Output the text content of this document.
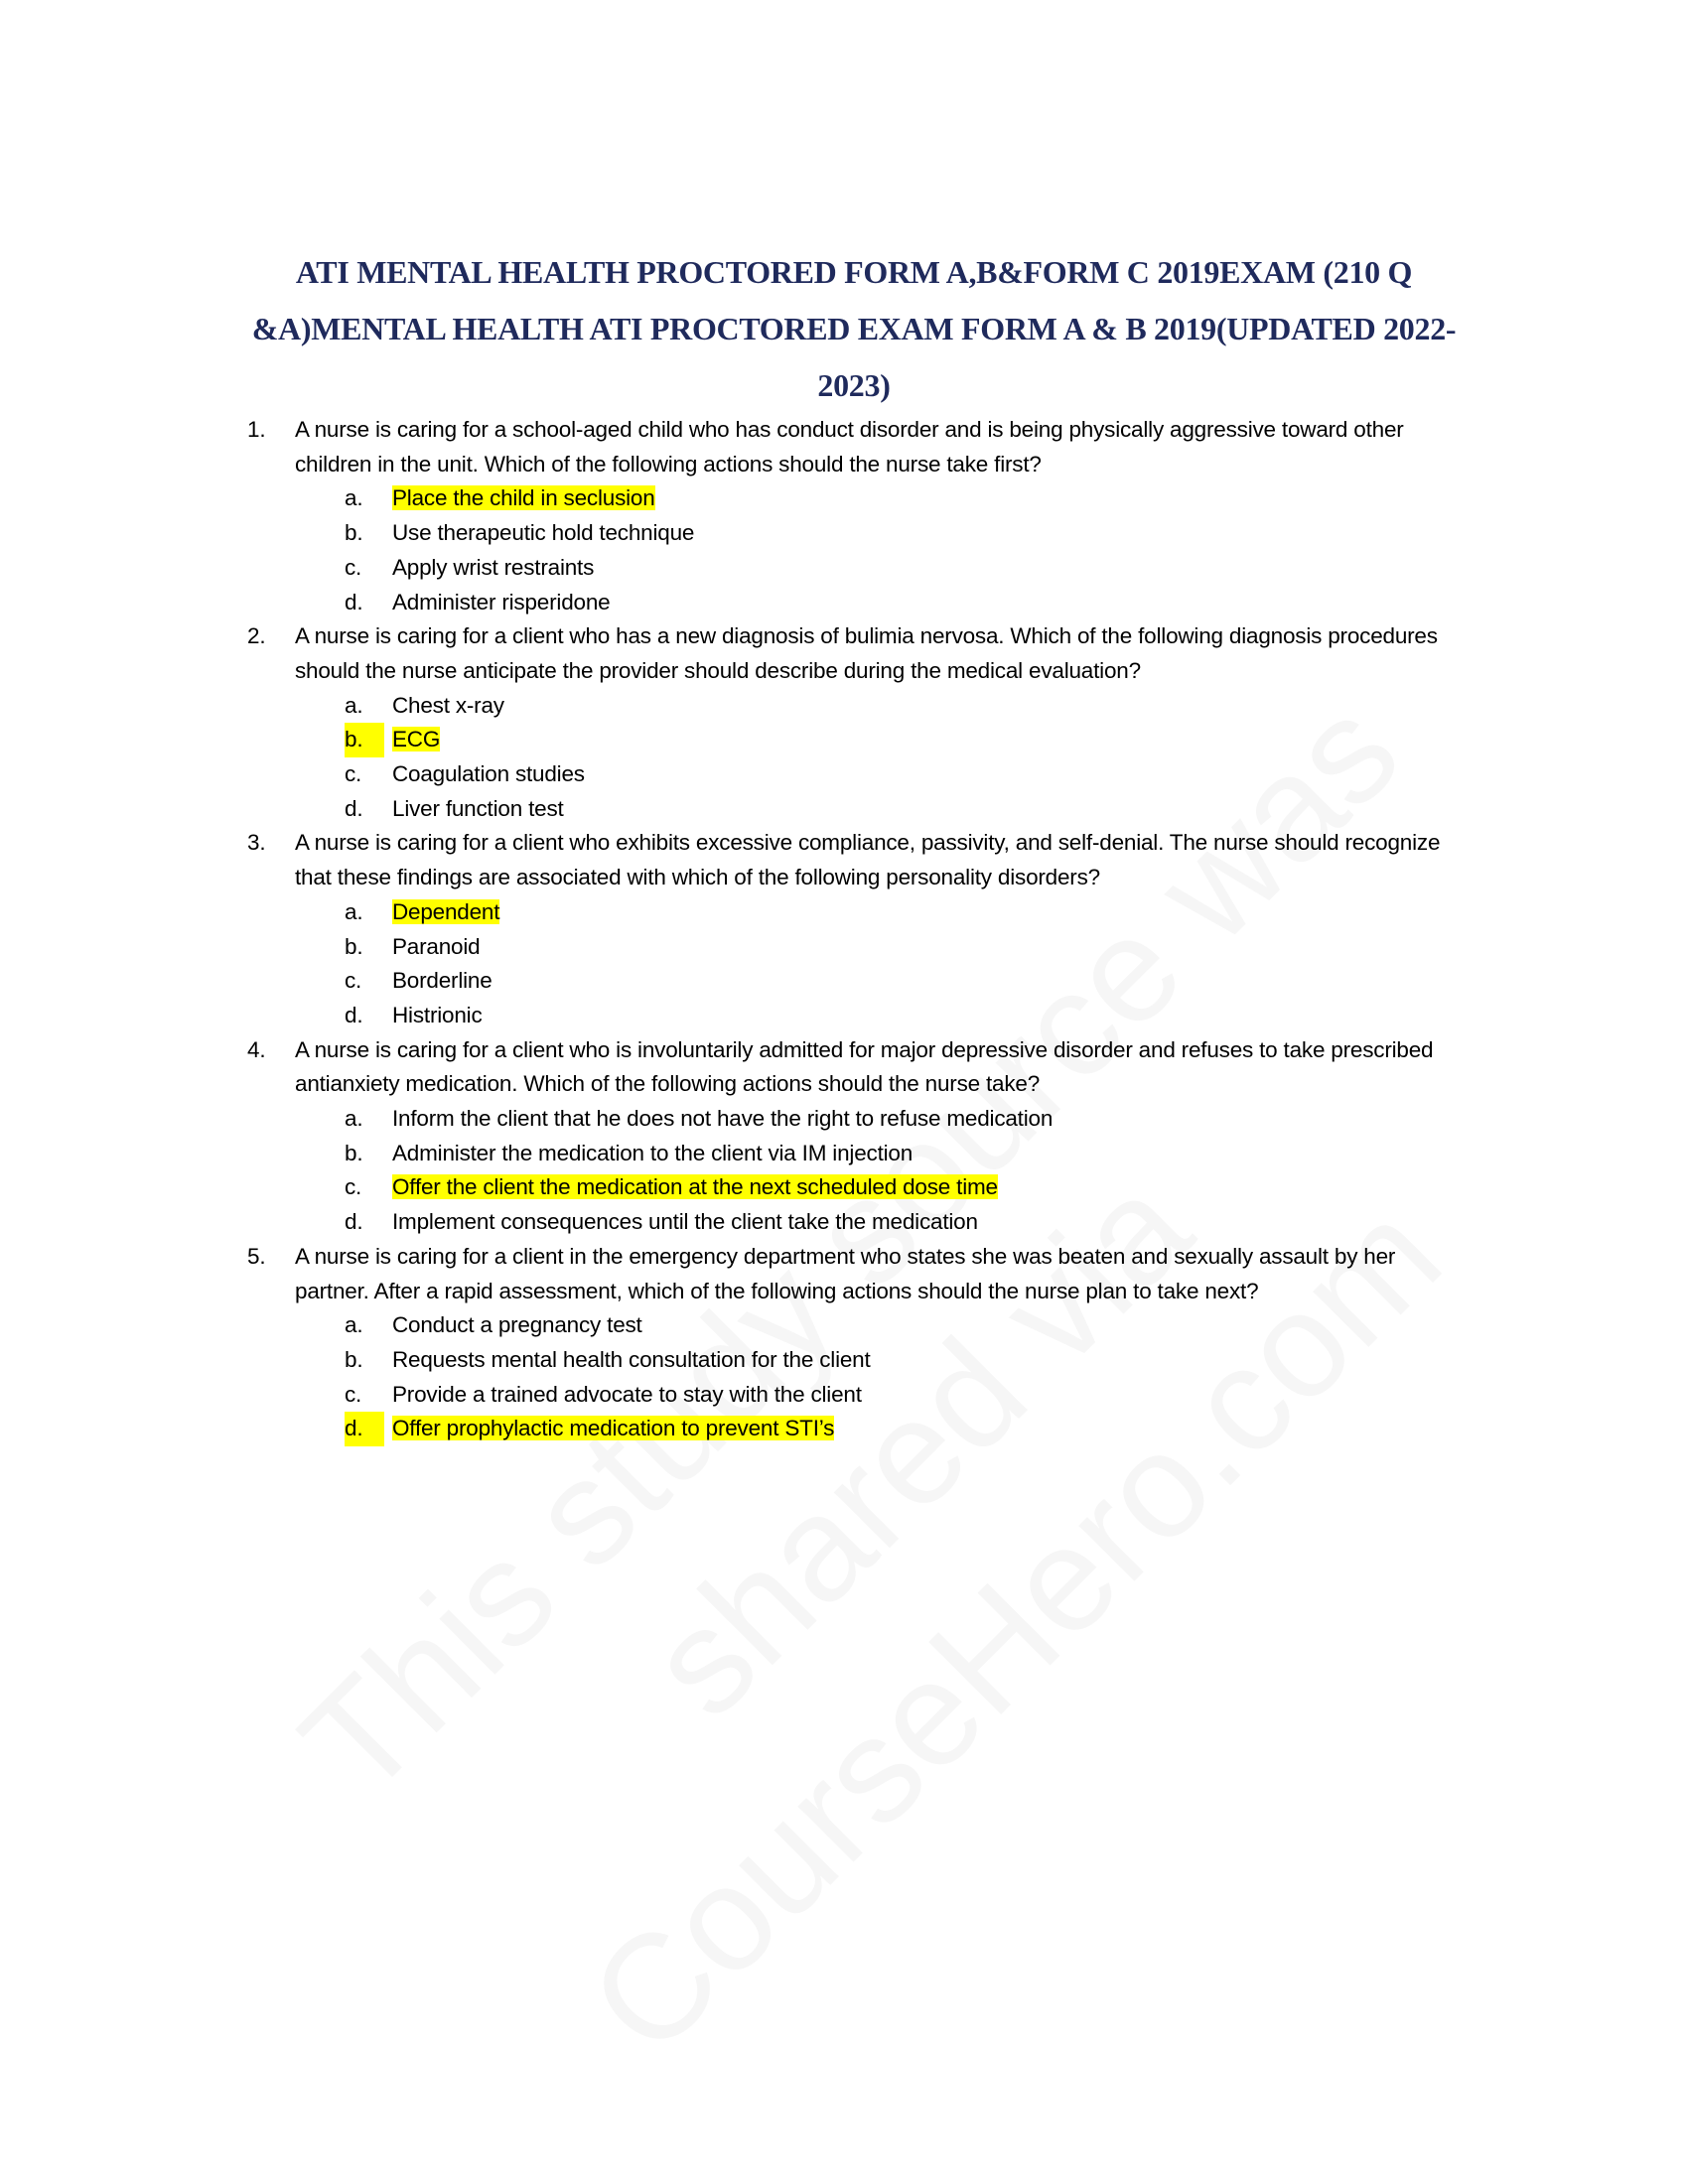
ATI MENTAL HEALTH PROCTORED FORM A,B&FORM C 2019EXAM (210 Q &A)MENTAL HEALTH ATI PROCTORED EXAM FORM A & B 2019(UPDATED 2022-2023)
1. A nurse is caring for a school-aged child who has conduct disorder and is being physically aggressive toward other children in the unit. Which of the following actions should the nurse take first?
a. Place the child in seclusion
b. Use therapeutic hold technique
c. Apply wrist restraints
d. Administer risperidone
2. A nurse is caring for a client who has a new diagnosis of bulimia nervosa. Which of the following diagnosis procedures should the nurse anticipate the provider should describe during the medical evaluation?
a. Chest x-ray
b.	ECG
c. Coagulation studies
d. Liver function test
3. A nurse is caring for a client who exhibits excessive compliance, passivity, and self-denial. The nurse should recognize that these findings are associated with which of the following personality disorders?
a. Dependent
b. Paranoid
c. Borderline
d. Histrionic
4. A nurse is caring for a client who is involuntarily admitted for major depressive disorder and refuses to take prescribed antianxiety medication. Which of the following actions should the nurse take?
a. Inform the client that he does not have the right to refuse medication
b. Administer the medication to the client via IM injection
c. Offer the client the medication at the next scheduled dose time
d. Implement consequences until the client take the medication
5. A nurse is caring for a client in the emergency department who states she was beaten and sexually assault by her partner. After a rapid assessment, which of the following actions should the nurse plan to take next?
a. Conduct a pregnancy test
b. Requests mental health consultation for the client
c. Provide a trained advocate to stay with the client
d.	Offer prophylactic medication to prevent STI’s
